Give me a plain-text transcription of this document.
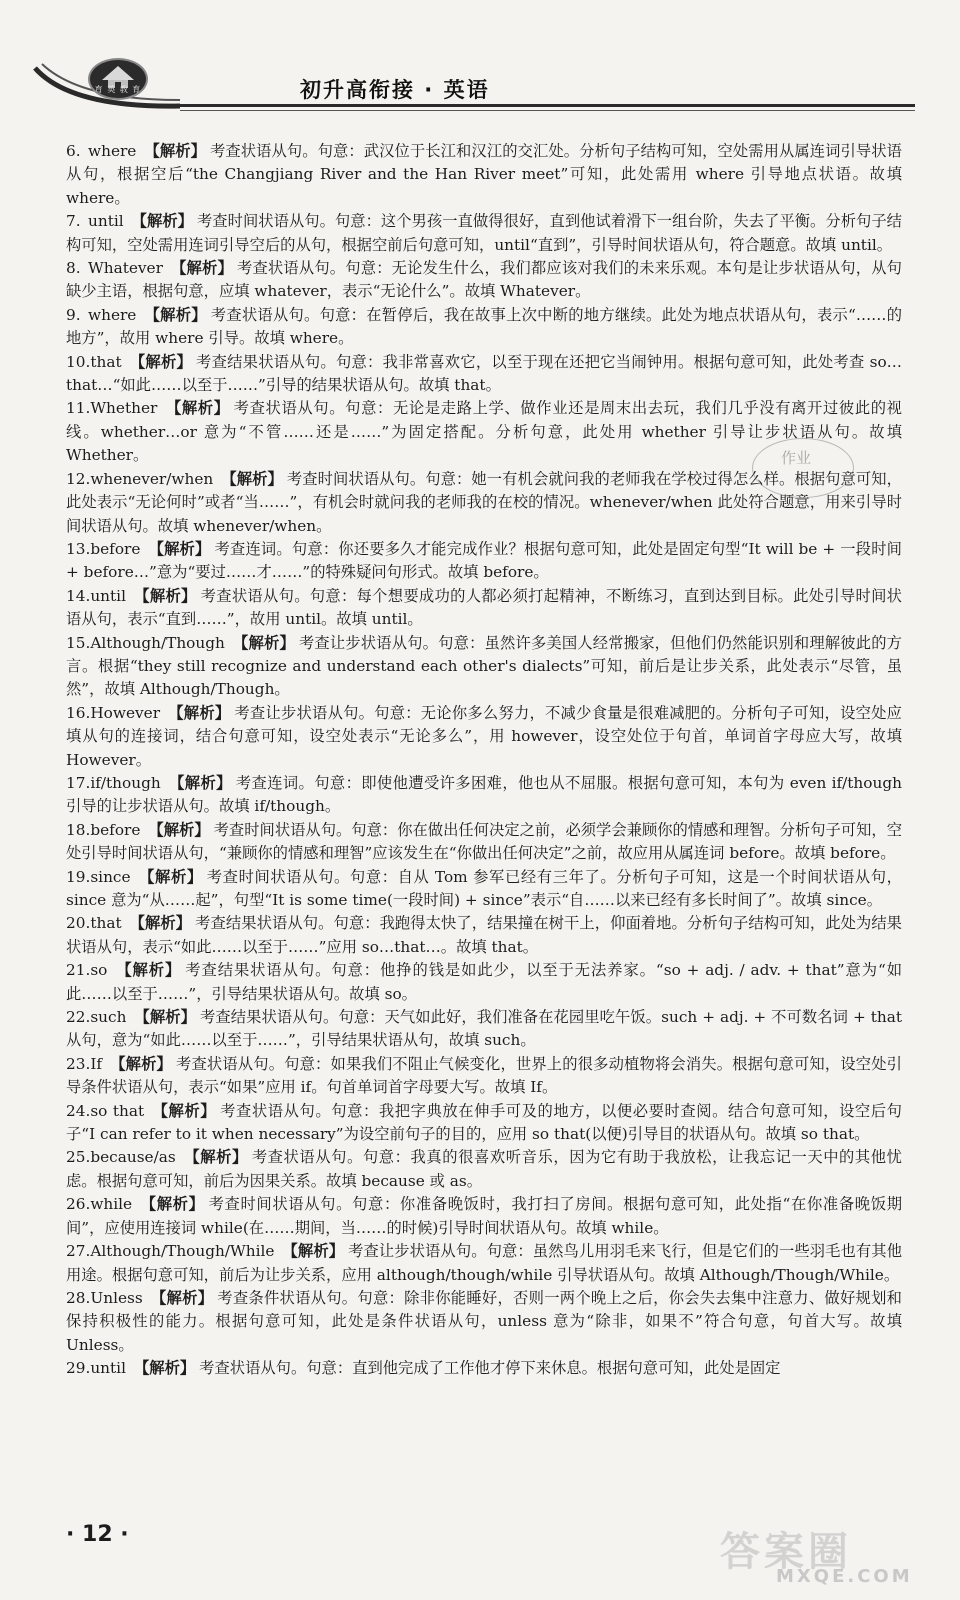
育 英 教 育	初升高衔接 · 英语
6. where 【解析】 考查状语从句。句意：武汉位于长江和汉江的交汇处。分析句子结构可知，空处需用从属连词引导状语从句，根据空后“the Changjiang River and the Han River meet”可知，此处需用 where 引导地点状语。故填 where。
7. until 【解析】 考查时间状语从句。句意：这个男孩一直做得很好，直到他试着滑下一组台阶，失去了平衡。分析句子结构可知，空处需用连词引导空后的从句，根据空前后句意可知，until“直到”，引导时间状语从句，符合题意。故填 until。
8. Whatever 【解析】 考查状语从句。句意：无论发生什么，我们都应该对我们的未来乐观。本句是让步状语从句，从句缺少主语，根据句意，应填 whatever，表示“无论什么”。故填 Whatever。
9. where 【解析】 考查状语从句。句意：在暂停后，我在故事上次中断的地方继续。此处为地点状语从句，表示“……的地方”，故用 where 引导。故填 where。
10.that 【解析】 考查结果状语从句。句意：我非常喜欢它，以至于现在还把它当闹钟用。根据句意可知，此处考查 so…that…“如此……以至于……”引导的结果状语从句。故填 that。
11.Whether 【解析】 考查状语从句。句意：无论是走路上学、做作业还是周末出去玩，我们几乎没有离开过彼此的视线。whether…or 意为“不管……还是……”为固定搭配。分析句意，此处用 whether 引导让步状语从句。故填 Whether。
12.whenever/when 【解析】 考查时间状语从句。句意：她一有机会就问我的老师我在学校过得怎么样。根据句意可知，此处表示“无论何时”或者“当……”，有机会时就问我的老师我的在校的情况。whenever/when 此处符合题意，用来引导时间状语从句。故填 whenever/when。
13.before 【解析】 考查连词。句意：你还要多久才能完成作业？根据句意可知，此处是固定句型“It will be + 一段时间 + before…”意为“要过……才……”的特殊疑问句形式。故填 before。
14.until 【解析】 考查状语从句。句意：每个想要成功的人都必须打起精神，不断练习，直到达到目标。此处引导时间状语从句，表示“直到……”，故用 until。故填 until。
15.Although/Though 【解析】 考查让步状语从句。句意：虽然许多美国人经常搬家，但他们仍然能识别和理解彼此的方言。根据“they still recognize and understand each other's dialects”可知，前后是让步关系，此处表示“尽管，虽然”，故填 Although/Though。
16.However 【解析】 考查让步状语从句。句意：无论你多么努力，不减少食量是很难减肥的。分析句子可知，设空处应填从句的连接词，结合句意可知，设空处表示“无论多么”，用 however，设空处位于句首，单词首字母应大写，故填 However。
17.if/though 【解析】 考查连词。句意：即使他遭受许多困难，他也从不屈服。根据句意可知，本句为 even if/though 引导的让步状语从句。故填 if/though。
18.before 【解析】 考查时间状语从句。句意：你在做出任何决定之前，必须学会兼顾你的情感和理智。分析句子可知，空处引导时间状语从句，“兼顾你的情感和理智”应该发生在“你做出任何决定”之前，故应用从属连词 before。故填 before。
19.since 【解析】 考查时间状语从句。句意：自从 Tom 参军已经有三年了。分析句子可知，这是一个时间状语从句，since 意为“从……起”，句型“It is some time(一段时间) + since”表示“自……以来已经有多长时间了”。故填 since。
20.that 【解析】 考查结果状语从句。句意：我跑得太快了，结果撞在树干上，仰面着地。分析句子结构可知，此处为结果状语从句，表示“如此……以至于……”应用 so…that…。故填 that。
21.so 【解析】 考查结果状语从句。句意：他挣的钱是如此少，以至于无法养家。“so + adj. / adv. + that”意为“如此……以至于……”，引导结果状语从句。故填 so。
22.such 【解析】 考查结果状语从句。句意：天气如此好，我们准备在花园里吃午饭。such + adj. + 不可数名词 + that 从句，意为“如此……以至于……”，引导结果状语从句，故填 such。
23.If 【解析】 考查状语从句。句意：如果我们不阻止气候变化，世界上的很多动植物将会消失。根据句意可知，设空处引导条件状语从句，表示“如果”应用 if。句首单词首字母要大写。故填 If。
24.so that 【解析】 考查状语从句。句意：我把字典放在伸手可及的地方，以便必要时查阅。结合句意可知，设空后句子“I can refer to it when necessary”为设空前句子的目的，应用 so that(以便)引导目的状语从句。故填 so that。
25.because/as 【解析】 考查状语从句。句意：我真的很喜欢听音乐，因为它有助于我放松，让我忘记一天中的其他忧虑。根据句意可知，前后为因果关系。故填 because 或 as。
26.while 【解析】 考查时间状语从句。句意：你准备晚饭时，我打扫了房间。根据句意可知，此处指“在你准备晚饭期间”，应使用连接词 while(在……期间，当……的时候)引导时间状语从句。故填 while。
27.Although/Though/While 【解析】 考查让步状语从句。句意：虽然鸟儿用羽毛来飞行，但是它们的一些羽毛也有其他用途。根据句意可知，前后为让步关系，应用 although/though/while 引导状语从句。故填 Although/Though/While。
28.Unless 【解析】 考查条件状语从句。句意：除非你能睡好，否则一两个晚上之后，你会失去集中注意力、做好规划和保持积极性的能力。根据句意可知，此处是条件状语从句，unless 意为“除非，如果不”符合句意，句首大写。故填 Unless。
29.until 【解析】 考查状语从句。句意：直到他完成了工作他才停下来休息。根据句意可知，此处是固定
作业
· 12 ·	答案圈
MXQE.COM
